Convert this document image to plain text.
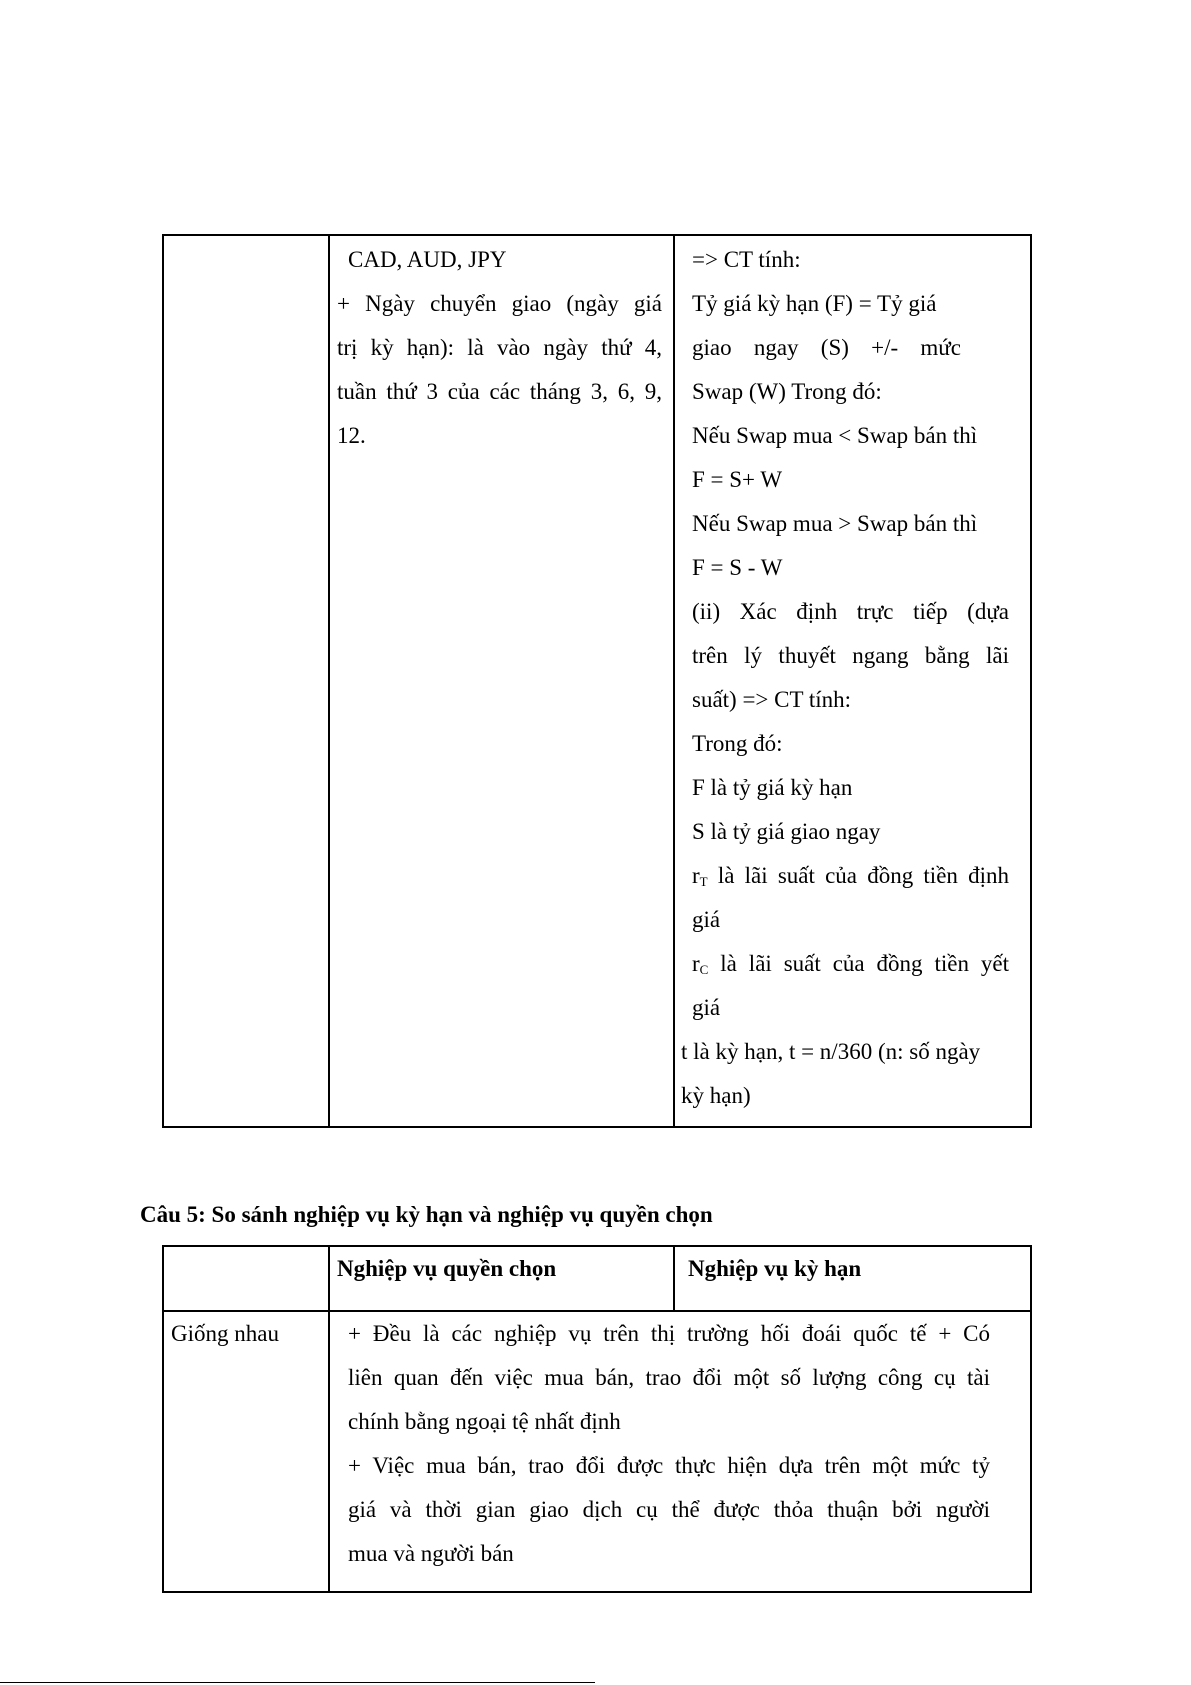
CAD, AUD, JPY
+ Ngày chuyển giao (ngày giá
trị kỳ hạn): là vào ngày thứ 4,
tuần thứ 3 của các tháng 3, 6, 9,
12.
=> CT tính:
Tỷ giá kỳ hạn (F) = Tỷ giá
giao ngay (S) +/- mức
Swap (W) Trong đó:
Nếu Swap mua < Swap bán thì
F = S+ W
Nếu Swap mua > Swap bán thì
F = S - W
(ii) Xác định trực tiếp (dựa
trên lý thuyết ngang bằng lãi
suất) => CT tính:
Trong đó:
F là tỷ giá kỳ hạn
S là tỷ giá giao ngay
$r_T$ là lãi suất của đồng tiền định
giá
$r_C$ là lãi suất của đồng tiền yết
giá
t là kỳ hạn, t = n/360 (n: số ngày
kỳ hạn)
Câu 5: So sánh nghiệp vụ kỳ hạn và nghiệp vụ quyền chọn
Nghiệp vụ quyền chọn	Nghiệp vụ kỳ hạn
Giống nhau	+ Đều là các nghiệp vụ trên thị trường hối đoái quốc tế + Có
liên quan đến việc mua bán, trao đổi một số lượng công cụ tài
chính bằng ngoại tệ nhất định
+ Việc mua bán, trao đổi được thực hiện dựa trên một mức tỷ
giá và thời gian giao dịch cụ thể được thỏa thuận bởi người
mua và người bán
